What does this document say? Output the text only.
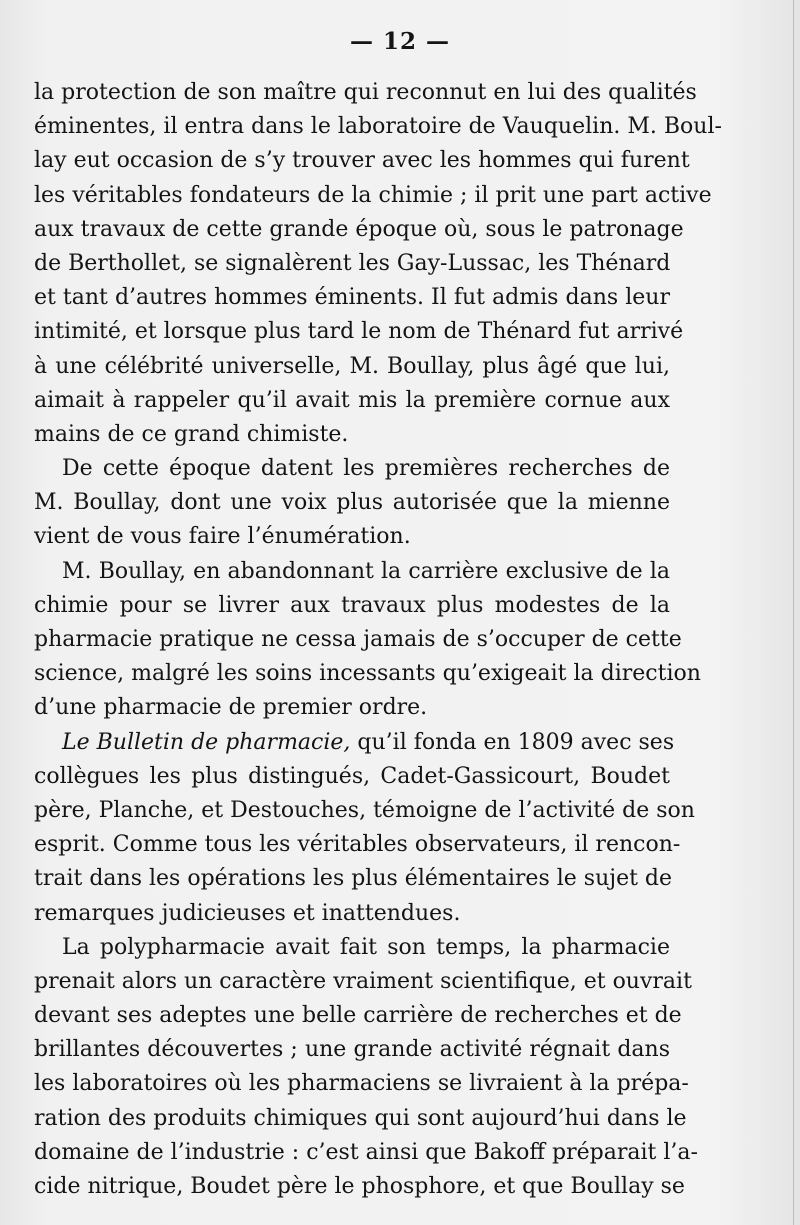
— 12 —
la protection de son maître qui reconnut en lui des qualités
éminentes, il entra dans le laboratoire de Vauquelin. M. Boul-
lay eut occasion de s’y trouver avec les hommes qui furent
les véritables fondateurs de la chimie ; il prit une part active
aux travaux de cette grande époque où, sous le patronage
de Berthollet, se signalèrent les Gay-Lussac, les Thénard
et tant d’autres hommes éminents. Il fut admis dans leur
intimité, et lorsque plus tard le nom de Thénard fut arrivé
à une célébrité universelle, M. Boullay, plus âgé que lui,
aimait à rappeler qu’il avait mis la première cornue aux
mains de ce grand chimiste.
De cette époque datent les premières recherches de
M. Boullay, dont une voix plus autorisée que la mienne
vient de vous faire l’énumération.
M. Boullay, en abandonnant la carrière exclusive de la
chimie pour se livrer aux travaux plus modestes de la
pharmacie pratique ne cessa jamais de s’occuper de cette
science, malgré les soins incessants qu’exigeait la direction
d’une pharmacie de premier ordre.
Le Bulletin de pharmacie, qu’il fonda en 1809 avec ses
collègues les plus distingués, Cadet-Gassicourt, Boudet
père, Planche, et Destouches, témoigne de l’activité de son
esprit. Comme tous les véritables observateurs, il rencon-
trait dans les opérations les plus élémentaires le sujet de
remarques judicieuses et inattendues.
La polypharmacie avait fait son temps, la pharmacie
prenait alors un caractère vraiment scientifique, et ouvrait
devant ses adeptes une belle carrière de recherches et de
brillantes découvertes ; une grande activité régnait dans
les laboratoires où les pharmaciens se livraient à la prépa-
ration des produits chimiques qui sont aujourd’hui dans le
domaine de l’industrie : c’est ainsi que Bakoff préparait l’a-
cide nitrique, Boudet père le phosphore, et que Boullay se
